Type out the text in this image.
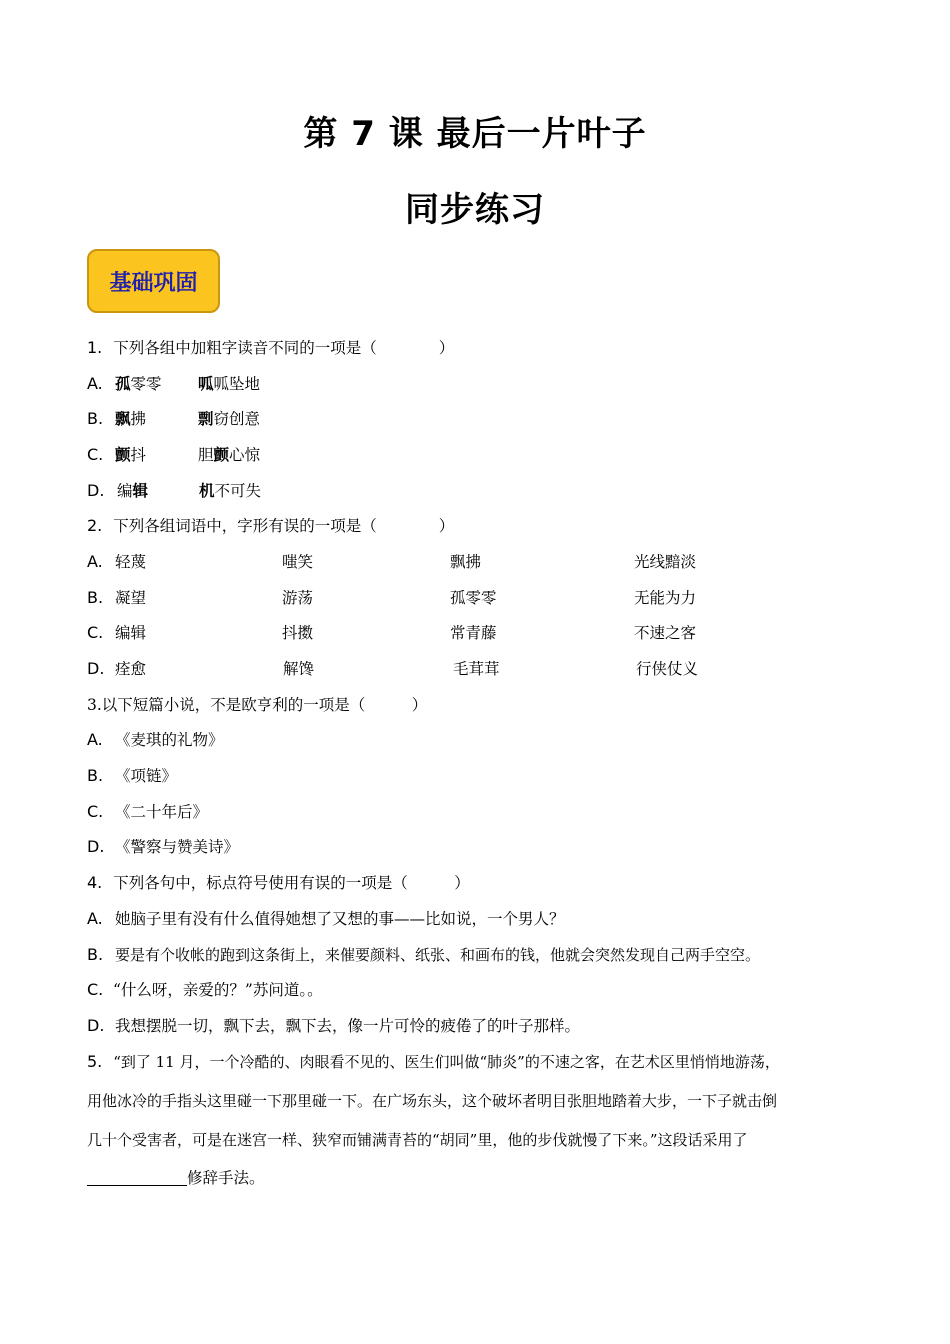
第 7 课 最后一片叶子
同步练习
基础巩固
1. 下列各组中加粗字读音不同的一项是（　　　　）
A. 孤零零 呱呱坠地
B. 飘拂	剽窃创意
C. 颤抖	胆颤心惊
D. 编辑	机不可失
2. 下列各组词语中，字形有误的一项是（　　　　）
A. 轻蔑	嗤笑	飘拂	光线黯淡
B. 凝望	游荡	孤零零	无能为力
C. 编辑	抖擞	常青藤	不速之客
D. 痊愈	解馋	毛茸茸	行侠仗义
3.以下短篇小说，不是欧亨利的一项是（　　　）
A. 《麦琪的礼物》
B. 《项链》
C. 《二十年后》
D. 《警察与赞美诗》
4. 下列各句中，标点符号使用有误的一项是（　　　）
A. 她脑子里有没有什么值得她想了又想的事——比如说，一个男人？
B. 要是有个收帐的跑到这条街上，来催要颜料、纸张、和画布的钱，他就会突然发现自己两手空空。
C. “什么呀，亲爱的？”苏问道。。
D. 我想摆脱一切，飘下去，飘下去，像一片可怜的疲倦了的叶子那样。
5. “到了 11 月，一个冷酷的、肉眼看不见的、医生们叫做“肺炎”的不速之客，在艺术区里悄悄地游荡，
用他冰冷的手指头这里碰一下那里碰一下。在广场东头，这个破坏者明目张胆地踏着大步，一下子就击倒
几十个受害者，可是在迷宫一样、狭窄而铺满青苔的“胡同”里，他的步伐就慢了下来。”这段话采用了
修辞手法。
